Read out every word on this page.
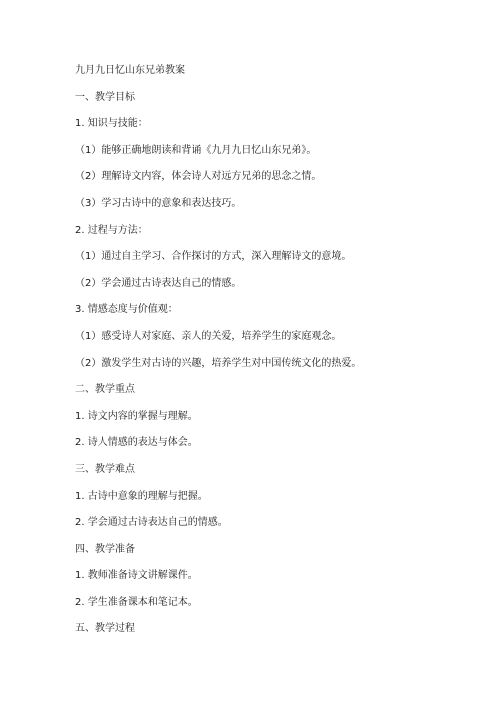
九月九日忆山东兄弟教案
一、教学目标
1. 知识与技能：
（1）能够正确地朗读和背诵《九月九日忆山东兄弟》。
（2）理解诗文内容，体会诗人对远方兄弟的思念之情。
（3）学习古诗中的意象和表达技巧。
2. 过程与方法：
（1）通过自主学习、合作探讨的方式，深入理解诗文的意境。
（2）学会通过古诗表达自己的情感。
3. 情感态度与价值观：
（1）感受诗人对家庭、亲人的关爱，培养学生的家庭观念。
（2）激发学生对古诗的兴趣，培养学生对中国传统文化的热爱。
二、教学重点
1. 诗文内容的掌握与理解。
2. 诗人情感的表达与体会。
三、教学难点
1. 古诗中意象的理解与把握。
2. 学会通过古诗表达自己的情感。
四、教学准备
1. 教师准备诗文讲解课件。
2. 学生准备课本和笔记本。
五、教学过程
